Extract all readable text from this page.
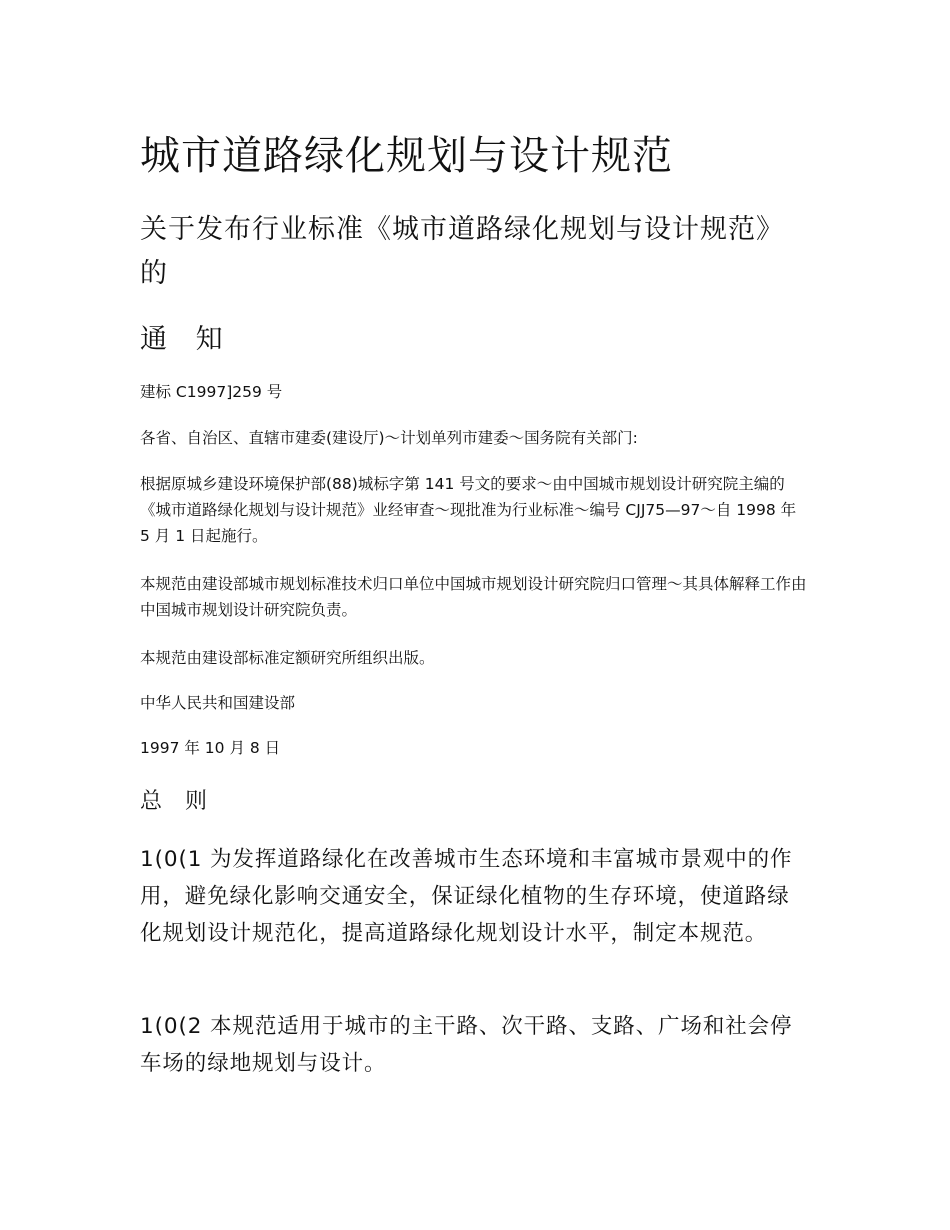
城市道路绿化规划与设计规范
关于发布行业标准《城市道路绿化规划与设计规范》的
通 知

建标 C1997]259 号

各省、自治区、直辖市建委(建设厅)～计划单列市建委～国务院有关部门:

根据原城乡建设环境保护部(88)城标字第 141 号文的要求～由中国城市规划设计研究院主编的《城市道路绿化规划与设计规范》业经审查～现批准为行业标准～编号 CJJ75—97～自 1998 年 5 月 1 日起施行。

本规范由建设部城市规划标准技术归口单位中国城市规划设计研究院归口管理～其具体解释工作由中国城市规划设计研究院负责。

本规范由建设部标准定额研究所组织出版。

中华人民共和国建设部

1997 年 10 月 8 日

总 则

1(0(1 为发挥道路绿化在改善城市生态环境和丰富城市景观中的作用，避免绿化影响交通安全，保证绿化植物的生存环境，使道路绿化规划设计规范化，提高道路绿化规划设计水平，制定本规范。

1(0(2 本规范适用于城市的主干路、次干路、支路、广场和社会停车场的绿地规划与设计。
